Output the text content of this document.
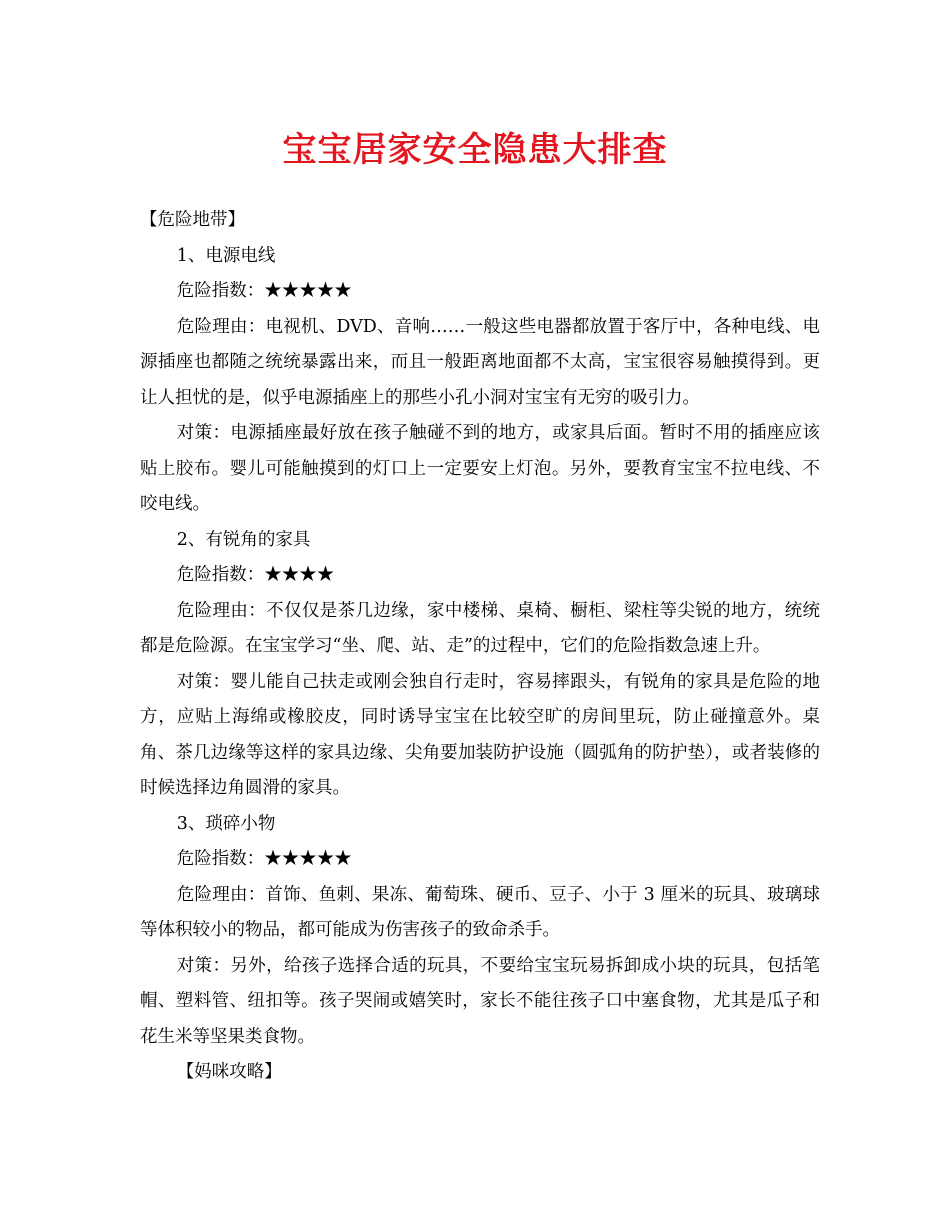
宝宝居家安全隐患大排查

【危险地带】

1、电源电线

危险指数：★★★★★

危险理由：电视机、DVD、音响……一般这些电器都放置于客厅中，各种电线、电源插座也都随之统统暴露出来，而且一般距离地面都不太高，宝宝很容易触摸得到。更让人担忧的是，似乎电源插座上的那些小孔小洞对宝宝有无穷的吸引力。

对策：电源插座最好放在孩子触碰不到的地方，或家具后面。暂时不用的插座应该贴上胶布。婴儿可能触摸到的灯口上一定要安上灯泡。另外，要教育宝宝不拉电线、不咬电线。

2、有锐角的家具

危险指数：★★★★

危险理由：不仅仅是茶几边缘，家中楼梯、桌椅、橱柜、梁柱等尖锐的地方，统统都是危险源。在宝宝学习“坐、爬、站、走”的过程中，它们的危险指数急速上升。

对策：婴儿能自己扶走或刚会独自行走时，容易摔跟头，有锐角的家具是危险的地方，应贴上海绵或橡胶皮，同时诱导宝宝在比较空旷的房间里玩，防止碰撞意外。桌角、茶几边缘等这样的家具边缘、尖角要加装防护设施（圆弧角的防护垫），或者装修的时候选择边角圆滑的家具。

3、琐碎小物

危险指数：★★★★★

危险理由：首饰、鱼刺、果冻、葡萄珠、硬币、豆子、小于 3 厘米的玩具、玻璃球等体积较小的物品，都可能成为伤害孩子的致命杀手。

对策：另外，给孩子选择合适的玩具，不要给宝宝玩易拆卸成小块的玩具，包括笔帽、塑料管、纽扣等。孩子哭闹或嬉笑时，家长不能往孩子口中塞食物，尤其是瓜子和花生米等坚果类食物。

【妈咪攻略】
